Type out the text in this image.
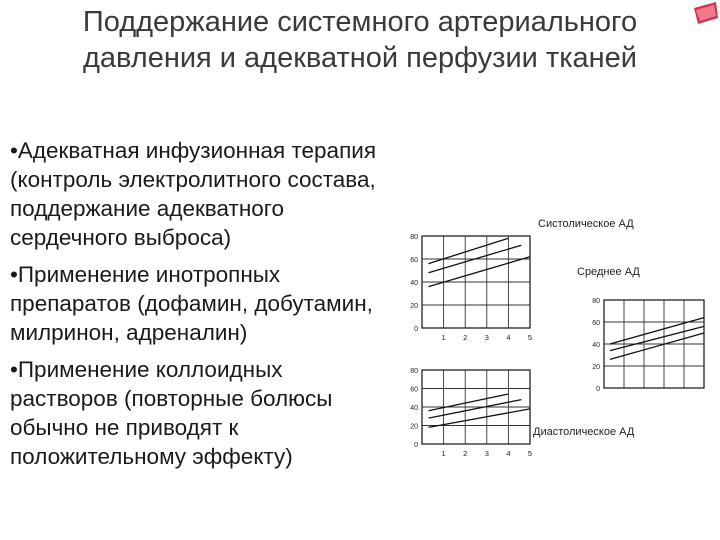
Поддержание системного артериального
давления и адекватной перфузии тканей
•Адекватная инфузионная терапия
(контроль электролитного состава,
поддержание адекватного
сердечного выброса)
•Применение инотропных
препаратов (дофамин, добутамин,
милринон, адреналин)
•Применение коллоидных
растворов (повторные болюсы
обычно не приводят к
положительному эффекту)
Систолическое АД
Среднее АД
Диастолическое АД
0
20
40
60
80
1 2 3 4 5
0
20
40
60
80
0
20
40
60
80
1 2 3 4 5
